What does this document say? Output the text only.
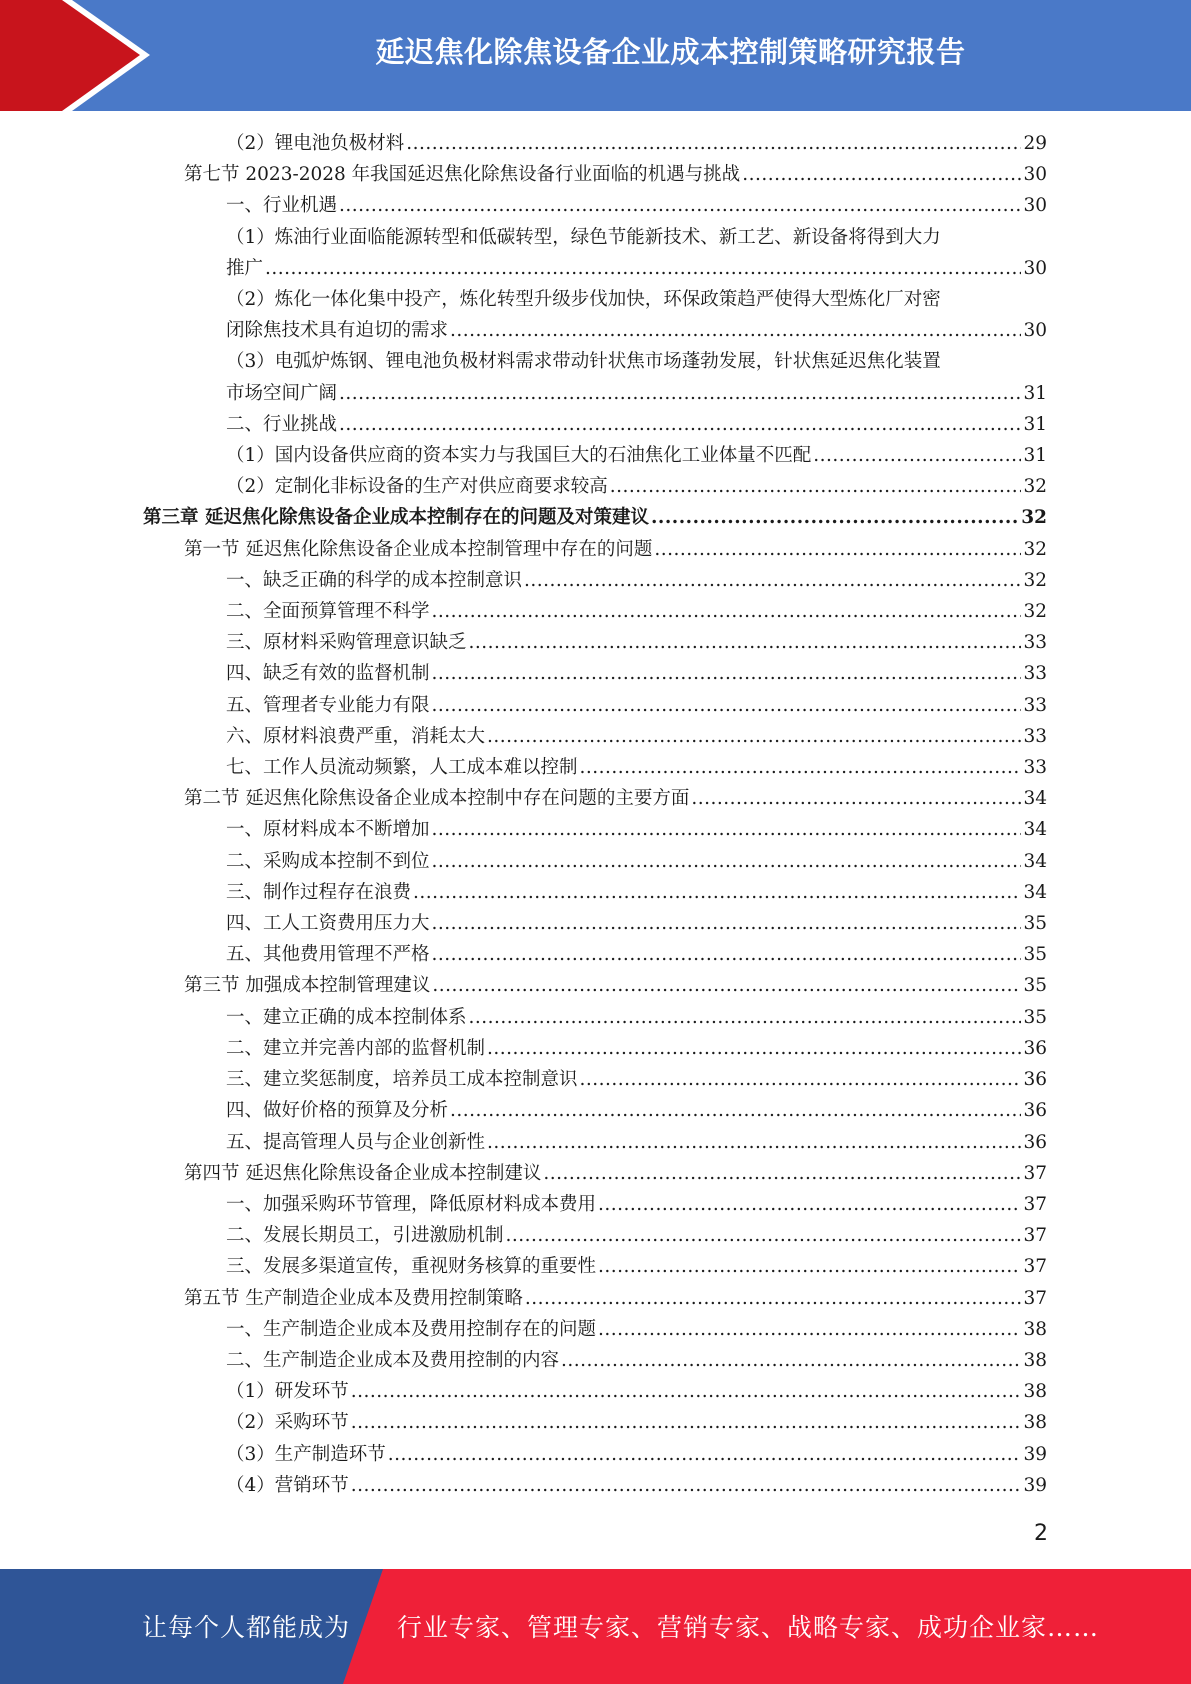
延迟焦化除焦设备企业成本控制策略研究报告
（2）锂电池负极材料 .....	29
第七节 2023-2028 年我国延迟焦化除焦设备行业面临的机遇与挑战 .....	30
一、行业机遇 .....	30
（1）炼油行业面临能源转型和低碳转型，绿色节能新技术、新工艺、新设备将得到大力
推广 .....	30
（2）炼化一体化集中投产，炼化转型升级步伐加快，环保政策趋严使得大型炼化厂对密
闭除焦技术具有迫切的需求 .....	30
（3）电弧炉炼钢、锂电池负极材料需求带动针状焦市场蓬勃发展，针状焦延迟焦化装置
市场空间广阔 .....	31
二、行业挑战 .....	31
（1）国内设备供应商的资本实力与我国巨大的石油焦化工业体量不匹配 .....	31
（2）定制化非标设备的生产对供应商要求较高 .....	32
第三章 延迟焦化除焦设备企业成本控制存在的问题及对策建议 .....	32
第一节 延迟焦化除焦设备企业成本控制管理中存在的问题 .....	32
一、缺乏正确的科学的成本控制意识 .....	32
二、全面预算管理不科学 .....	32
三、原材料采购管理意识缺乏 .....	33
四、缺乏有效的监督机制 .....	33
五、管理者专业能力有限 .....	33
六、原材料浪费严重，消耗太大 .....	33
七、工作人员流动频繁，人工成本难以控制 .....	33
第二节 延迟焦化除焦设备企业成本控制中存在问题的主要方面 .....	34
一、原材料成本不断增加 .....	34
二、采购成本控制不到位 .....	34
三、制作过程存在浪费 .....	34
四、工人工资费用压力大 .....	35
五、其他费用管理不严格 .....	35
第三节 加强成本控制管理建议 .....	35
一、建立正确的成本控制体系 .....	35
二、建立并完善内部的监督机制 .....	36
三、建立奖惩制度，培养员工成本控制意识 .....	36
四、做好价格的预算及分析 .....	36
五、提高管理人员与企业创新性 .....	36
第四节 延迟焦化除焦设备企业成本控制建议 .....	37
一、加强采购环节管理，降低原材料成本费用 .....	37
二、发展长期员工，引进激励机制 .....	37
三、发展多渠道宣传，重视财务核算的重要性 .....	37
第五节 生产制造企业成本及费用控制策略 .....	37
一、生产制造企业成本及费用控制存在的问题 .....	38
二、生产制造企业成本及费用控制的内容 .....	38
（1）研发环节 .....	38
（2）采购环节 .....	38
（3）生产制造环节 .....	39
（4）营销环节 .....	39
2
让每个人都能成为 行业专家、管理专家、营销专家、战略专家、成功企业家……
